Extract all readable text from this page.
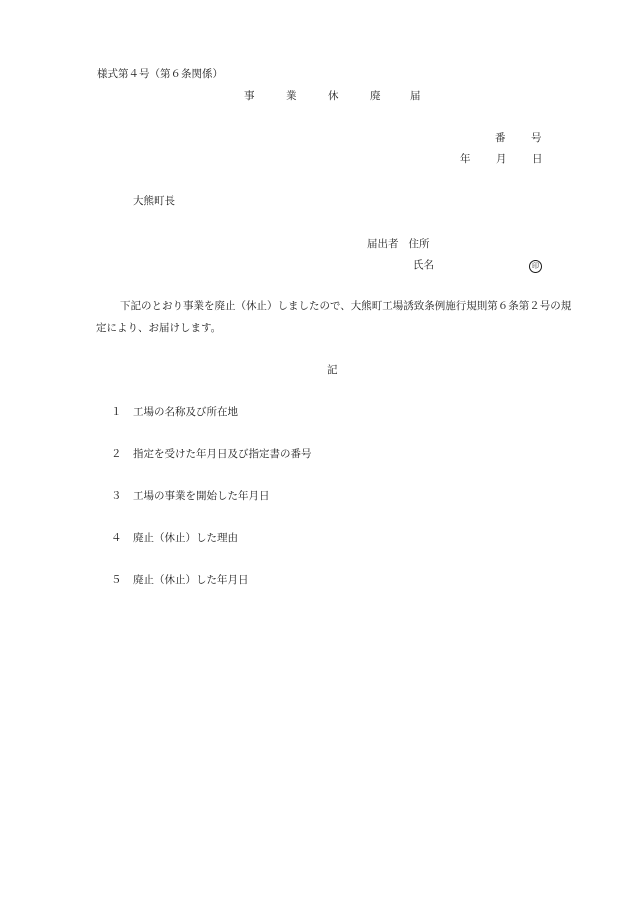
様式第４号（第６条関係）
事	業	休	廃	届
番 号
年 月 日
大熊町長
届出者 住所
氏名	印
下記のとおり事業を廃止（休止）しましたので、大熊町工場誘致条例施行規則第６条第２号の規定により、お届けします。
記
１ 工場の名称及び所在地
２ 指定を受けた年月日及び指定書の番号
３ 工場の事業を開始した年月日
４ 廃止（休止）した理由
５ 廃止（休止）した年月日
